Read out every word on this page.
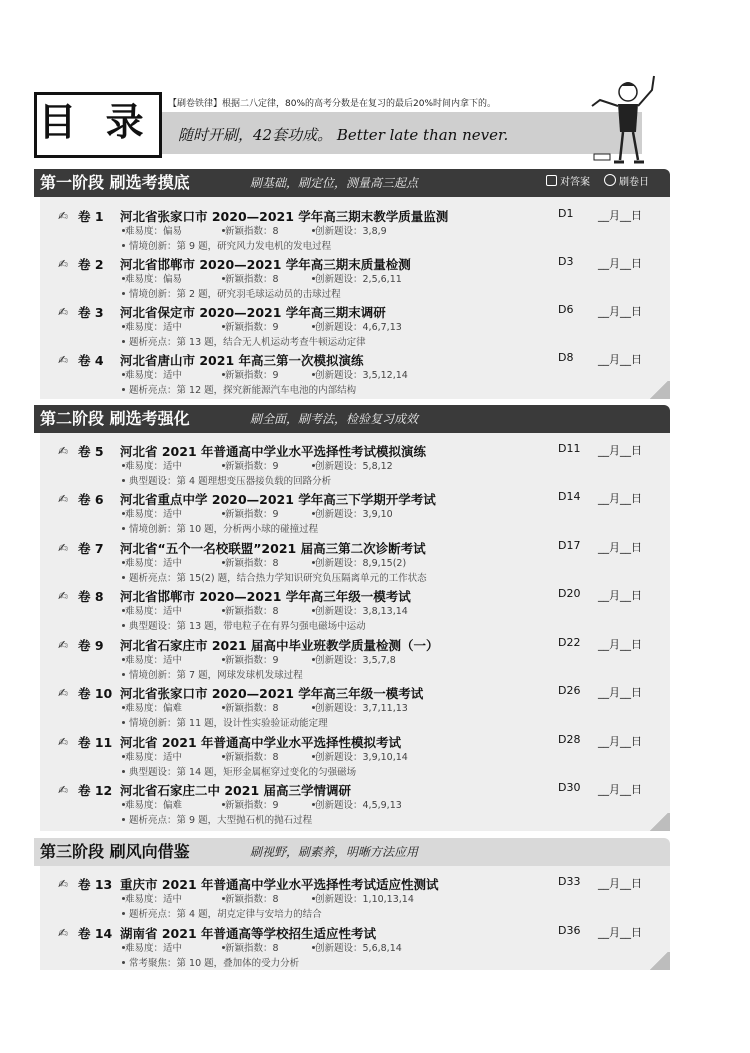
目 录	【刷卷铁律】根据二八定律，80%的高考分数是在复习的最后20%时间内拿下的。
随时开刷，42套功成。 Better late than never.
第一阶段 刷选考摸底	刷基础，刷定位，测量高三起点	对答案	刷卷日
第二阶段 刷选考强化	刷全面，刷考法，检验复习成效
第三阶段 刷风向借鉴	刷视野，刷素养，明晰方法应用
✍ 卷 1 河北省张家口市 2020—2021 学年高三期末教学质量监测	D1 __月__日
难易度：偏易	新颖指数：8	创新题设：3,8,9
情境创新：第 9 题，研究风力发电机的发电过程
✍ 卷 2 河北省邯郸市 2020—2021 学年高三期末质量检测	D3 __月__日
难易度：偏易	新颖指数：8	创新题设：2,5,6,11
情境创新：第 2 题，研究羽毛球运动员的击球过程
✍ 卷 3 河北省保定市 2020—2021 学年高三期末调研	D6 __月__日
难易度：适中	新颖指数：9	创新题设：4,6,7,13
题析亮点：第 13 题，结合无人机运动考查牛顿运动定律
✍ 卷 4 河北省唐山市 2021 年高三第一次模拟演练	D8 __月__日
难易度：适中	新颖指数：9	创新题设：3,5,12,14
题析亮点：第 12 题，探究新能源汽车电池的内部结构
✍ 卷 5 河北省 2021 年普通高中学业水平选择性考试模拟演练	D11 __月__日
难易度：适中	新颖指数：9	创新题设：5,8,12
典型题设：第 4 题理想变压器接负载的回路分析
✍ 卷 6 河北省重点中学 2020—2021 学年高三下学期开学考试	D14 __月__日
难易度：适中	新颖指数：9	创新题设：3,9,10
情境创新：第 10 题，分析两小球的碰撞过程
✍ 卷 7 河北省“五个一名校联盟”2021 届高三第二次诊断考试	D17 __月__日
难易度：适中	新颖指数：8	创新题设：8,9,15(2)
题析亮点：第 15(2) 题，结合热力学知识研究负压隔离单元的工作状态
✍ 卷 8 河北省邯郸市 2020—2021 学年高三年级一模考试	D20 __月__日
难易度：适中	新颖指数：8	创新题设：3,8,13,14
典型题设：第 13 题，带电粒子在有界匀强电磁场中运动
✍ 卷 9 河北省石家庄市 2021 届高中毕业班教学质量检测（一）	D22 __月__日
难易度：适中	新颖指数：9	创新题设：3,5,7,8
情境创新：第 7 题，网球发球机发球过程
✍ 卷 10 河北省张家口市 2020—2021 学年高三年级一模考试	D26 __月__日
难易度：偏难	新颖指数：8	创新题设：3,7,11,13
情境创新：第 11 题，设计性实验验证动能定理
✍ 卷 11 河北省 2021 年普通高中学业水平选择性模拟考试	D28 __月__日
难易度：适中	新颖指数：8	创新题设：3,9,10,14
典型题设：第 14 题，矩形金属框穿过变化的匀强磁场
✍ 卷 12 河北省石家庄二中 2021 届高三学情调研	D30 __月__日
难易度：偏难	新颖指数：9	创新题设：4,5,9,13
题析亮点：第 9 题，大型抛石机的抛石过程
✍ 卷 13 重庆市 2021 年普通高中学业水平选择性考试适应性测试	D33 __月__日
难易度：适中	新颖指数：8	创新题设：1,10,13,14
题析亮点：第 4 题，胡克定律与安培力的结合
✍ 卷 14 湖南省 2021 年普通高等学校招生适应性考试	D36 __月__日
难易度：适中	新颖指数：8	创新题设：5,6,8,14
常考聚焦：第 10 题，叠加体的受力分析
